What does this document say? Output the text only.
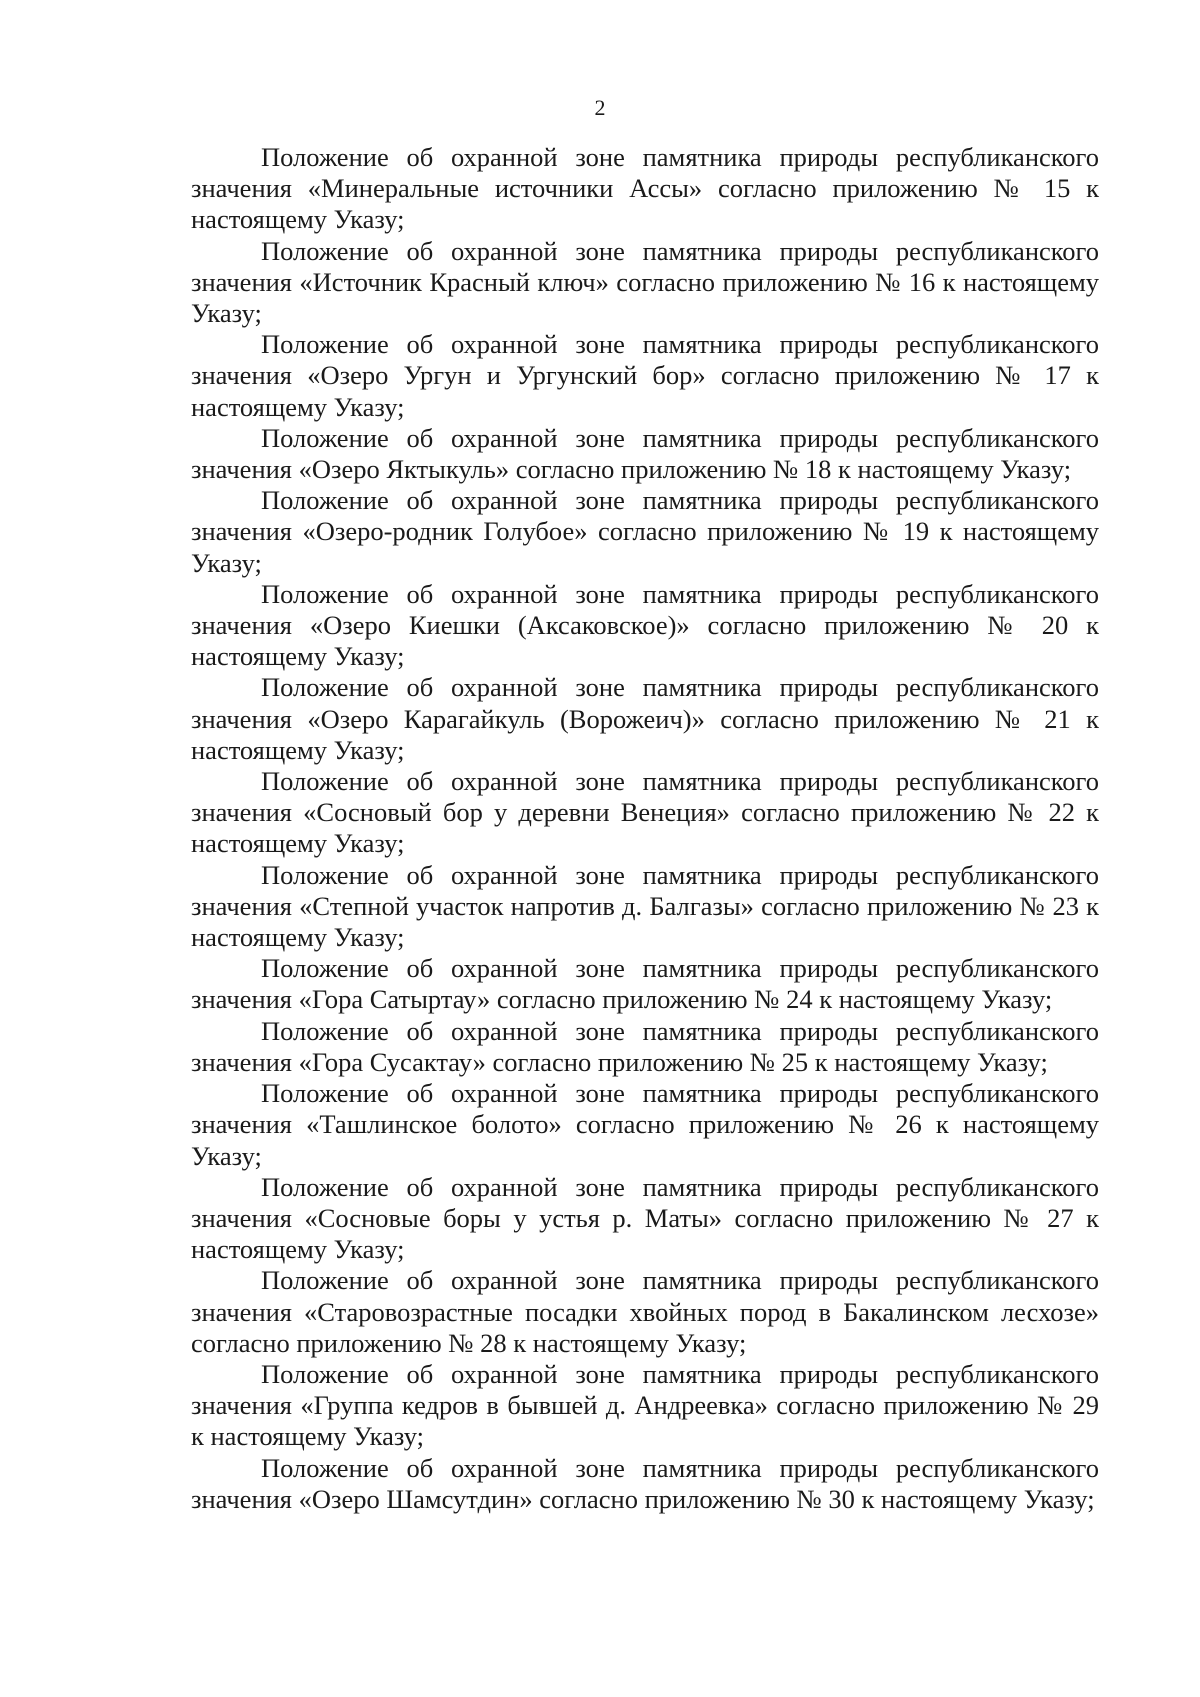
2

Положение об охранной зоне памятника природы республиканского значения «Минеральные источники Ассы» согласно приложению № 15 к настоящему Указу;

Положение об охранной зоне памятника природы республиканского значения «Источник Красный ключ» согласно приложению № 16 к настоящему Указу;

Положение об охранной зоне памятника природы республиканского значения «Озеро Ургун и Ургунский бор» согласно приложению № 17 к настоящему Указу;

Положение об охранной зоне памятника природы республиканского значения «Озеро Яктыкуль» согласно приложению № 18 к настоящему Указу;

Положение об охранной зоне памятника природы республиканского значения «Озеро-родник Голубое» согласно приложению № 19 к настоящему Указу;

Положение об охранной зоне памятника природы республиканского значения «Озеро Киешки (Аксаковское)» согласно приложению № 20 к настоящему Указу;

Положение об охранной зоне памятника природы республиканского значения «Озеро Карагайкуль (Ворожеич)» согласно приложению № 21 к настоящему Указу;

Положение об охранной зоне памятника природы республиканского значения «Сосновый бор у деревни Венеция» согласно приложению № 22 к настоящему Указу;

Положение об охранной зоне памятника природы республиканского значения «Степной участок напротив д. Балгазы» согласно приложению № 23 к настоящему Указу;

Положение об охранной зоне памятника природы республиканского значения «Гора Сатыртау» согласно приложению № 24 к настоящему Указу;

Положение об охранной зоне памятника природы республиканского значения «Гора Сусактау» согласно приложению № 25 к настоящему Указу;

Положение об охранной зоне памятника природы республиканского значения «Ташлинское болото» согласно приложению № 26 к настоящему Указу;

Положение об охранной зоне памятника природы республиканского значения «Сосновые боры у устья р. Маты» согласно приложению № 27 к настоящему Указу;

Положение об охранной зоне памятника природы республиканского значения «Старовозрастные посадки хвойных пород в Бакалинском лесхозе» согласно приложению № 28 к настоящему Указу;

Положение об охранной зоне памятника природы республиканского значения «Группа кедров в бывшей д. Андреевка» согласно приложению № 29 к настоящему Указу;

Положение об охранной зоне памятника природы республиканского значения «Озеро Шамсутдин» согласно приложению № 30 к настоящему Указу;
